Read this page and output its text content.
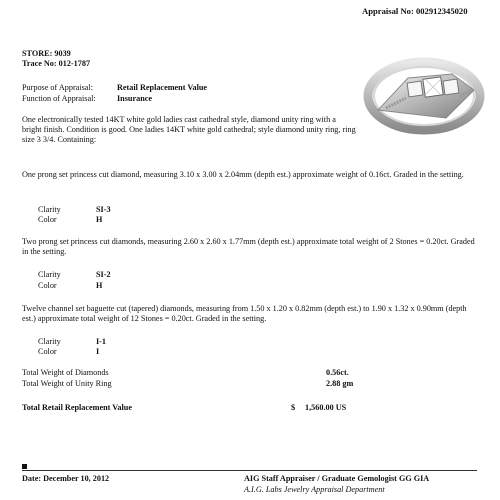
Appraisal No: 002912345020
STORE: 9039
Trace No: 012-1787
Purpose of Appraisal:	Retail Replacement Value
Function of Appraisal:	Insurance
One electronically tested 14KT white gold ladies cast cathedral style, diamond unity ring with a bright finish. Condition is good. One ladies 14KT white gold cathedral; style diamond unity ring, ring size 3 3/4. Containing:
One prong set princess cut diamond, measuring 3.10 x 3.00 x 2.04mm (depth est.) approximate weight of 0.16ct. Graded in the setting.
Clarity	SI-3
Color	H
Two prong set princess cut diamonds, measuring 2.60 x 2.60 x 1.77mm (depth est.) approximate total weight of 2 Stones = 0.20ct. Graded in the setting.
Clarity	SI-2
Color	H
Twelve channel set baguette cut (tapered) diamonds, measuring from 1.50 x 1.20 x 0.82mm (depth est.) to 1.90 x 1.32 x 0.90mm (depth est.) approximate total weight of 12 Stones = 0.20ct. Graded in the setting.
Clarity	I-1
Color	I
Total Weight of Diamonds	0.56ct.
Total Weight of Unity Ring	2.88 gm
Total Retail Replacement Value	$ 1,560.00 US
Date: December 10, 2012	AIG Staff Appraiser / Graduate Gemologist GG GIA
A.I.G. Labs Jewelry Appraisal Department
